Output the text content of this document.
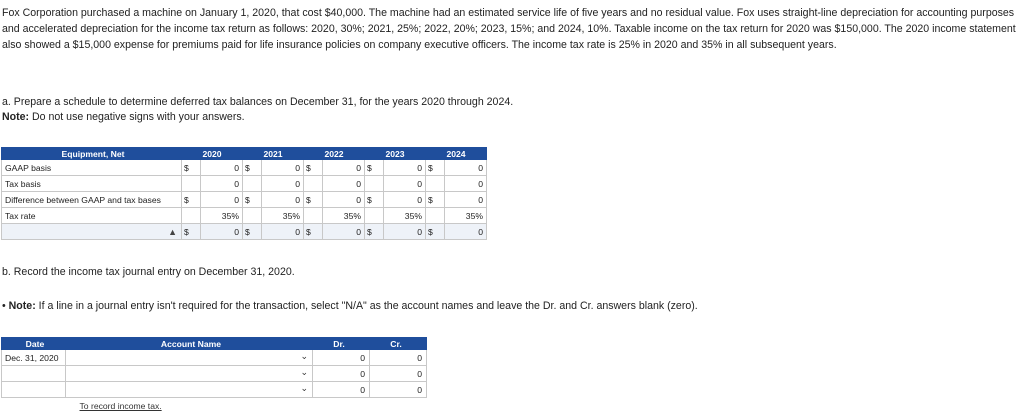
Fox Corporation purchased a machine on January 1, 2020, that cost $40,000. The machine had an estimated service life of five years and no residual value. Fox uses straight-line depreciation for accounting purposes and accelerated depreciation for the income tax return as follows: 2020, 30%; 2021, 25%; 2022, 20%; 2023, 15%; and 2024, 10%. Taxable income on the tax return for 2020 was $150,000. The 2020 income statement also showed a $15,000 expense for premiums paid for life insurance policies on company executive officers. The income tax rate is 25% in 2020 and 35% in all subsequent years.
a. Prepare a schedule to determine deferred tax balances on December 31, for the years 2020 through 2024.
Note: Do not use negative signs with your answers.
Equipment, Net	2020		2021		2022		2023		2024	
GAAP basis	$	0	$	0	$	0	$	0	$	0
Tax basis		0		0		0		0		0
Difference between GAAP and tax bases	$	0	$	0	$	0	$	0	$	0
Tax rate		35%		35%		35%		35%		35%

▲︎	$	0	$	0	$	0	$	0	$	0
b. Record the income tax journal entry on December 31, 2020.
• Note: If a line in a journal entry isn't required for the transaction, select "N/A" as the account names and leave the Dr. and Cr. answers blank (zero).
Date	Account Name	Dr.	Cr.
Dec. 31, 2020	⌄	0	0

	⌄	0	0

	⌄	0	0
To record income tax.			
